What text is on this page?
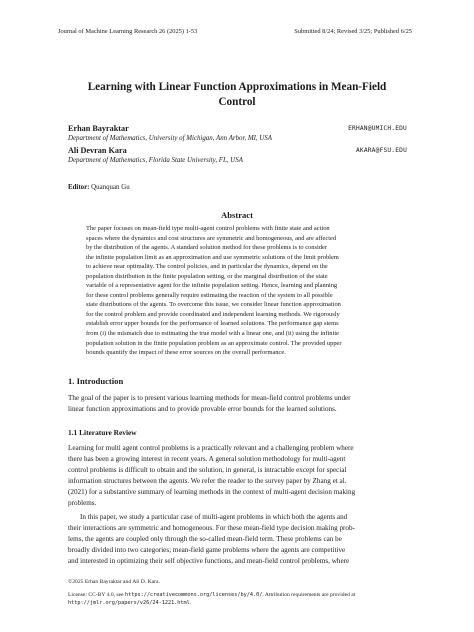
Journal of Machine Learning Research 26 (2025) 1-53	Submitted 8/24; Revised 3/25; Published 6/25
Learning with Linear Function Approximations in Mean-Field Control
Erhan Bayraktar	ERHAN@UMICH.EDU
Department of Mathematics, University of Michigan, Ann Arbor, MI, USA
Ali Devran Kara	AKARA@FSU.EDU
Department of Mathematics, Florida State University, FL, USA
Editor: Quanquan Gu
Abstract
The paper focuses on mean-field type multi-agent control problems with finite state and action
spaces where the dynamics and cost structures are symmetric and homogeneous, and are affected
by the distribution of the agents. A standard solution method for these problems is to consider
the infinite population limit as an approximation and use symmetric solutions of the limit problem
to achieve near optimality. The control policies, and in particular the dynamics, depend on the
population distribution in the finite population setting, or the marginal distribution of the state
variable of a representative agent for the infinite population setting. Hence, learning and planning
for these control problems generally require estimating the reaction of the system to all possible
state distributions of the agents. To overcome this issue, we consider linear function approximation
for the control problem and provide coordinated and independent learning methods. We rigorously
establish error upper bounds for the performance of learned solutions. The performance gap stems
from (i) the mismatch due to estimating the true model with a linear one, and (ii) using the infinite
population solution in the finite population problem as an approximate control. The provided upper
bounds quantify the impact of these error sources on the overall performance.
1. Introduction
The goal of the paper is to present various learning methods for mean-field control problems under
linear function approximations and to provide provable error bounds for the learned solutions.
1.1 Literature Review
Learning for multi agent control problems is a practically relevant and a challenging problem where
there has been a growing interest in recent years. A general solution methodology for multi-agent
control problems is difficult to obtain and the solution, in general, is intractable except for special
information structures between the agents. We refer the reader to the survey paper by Zhang et al.
(2021) for a substantive summary of learning methods in the context of multi-agent decision making
problems.
In this paper, we study a particular case of multi-agent problems in which both the agents and
their interactions are symmetric and homogeneous. For these mean-field type decision making prob-
lems, the agents are coupled only through the so-called mean-field term. These problems can be
broadly divided into two categories; mean-field game problems where the agents are competitive
and interested in optimizing their self objective functions, and mean-field control problems, where
©2025 Erhan Bayraktar and Ali D. Kara.
License: CC-BY 4.0, see https://creativecommons.org/licenses/by/4.0/. Attribution requirements are provided at
http://jmlr.org/papers/v26/24-1221.html.
